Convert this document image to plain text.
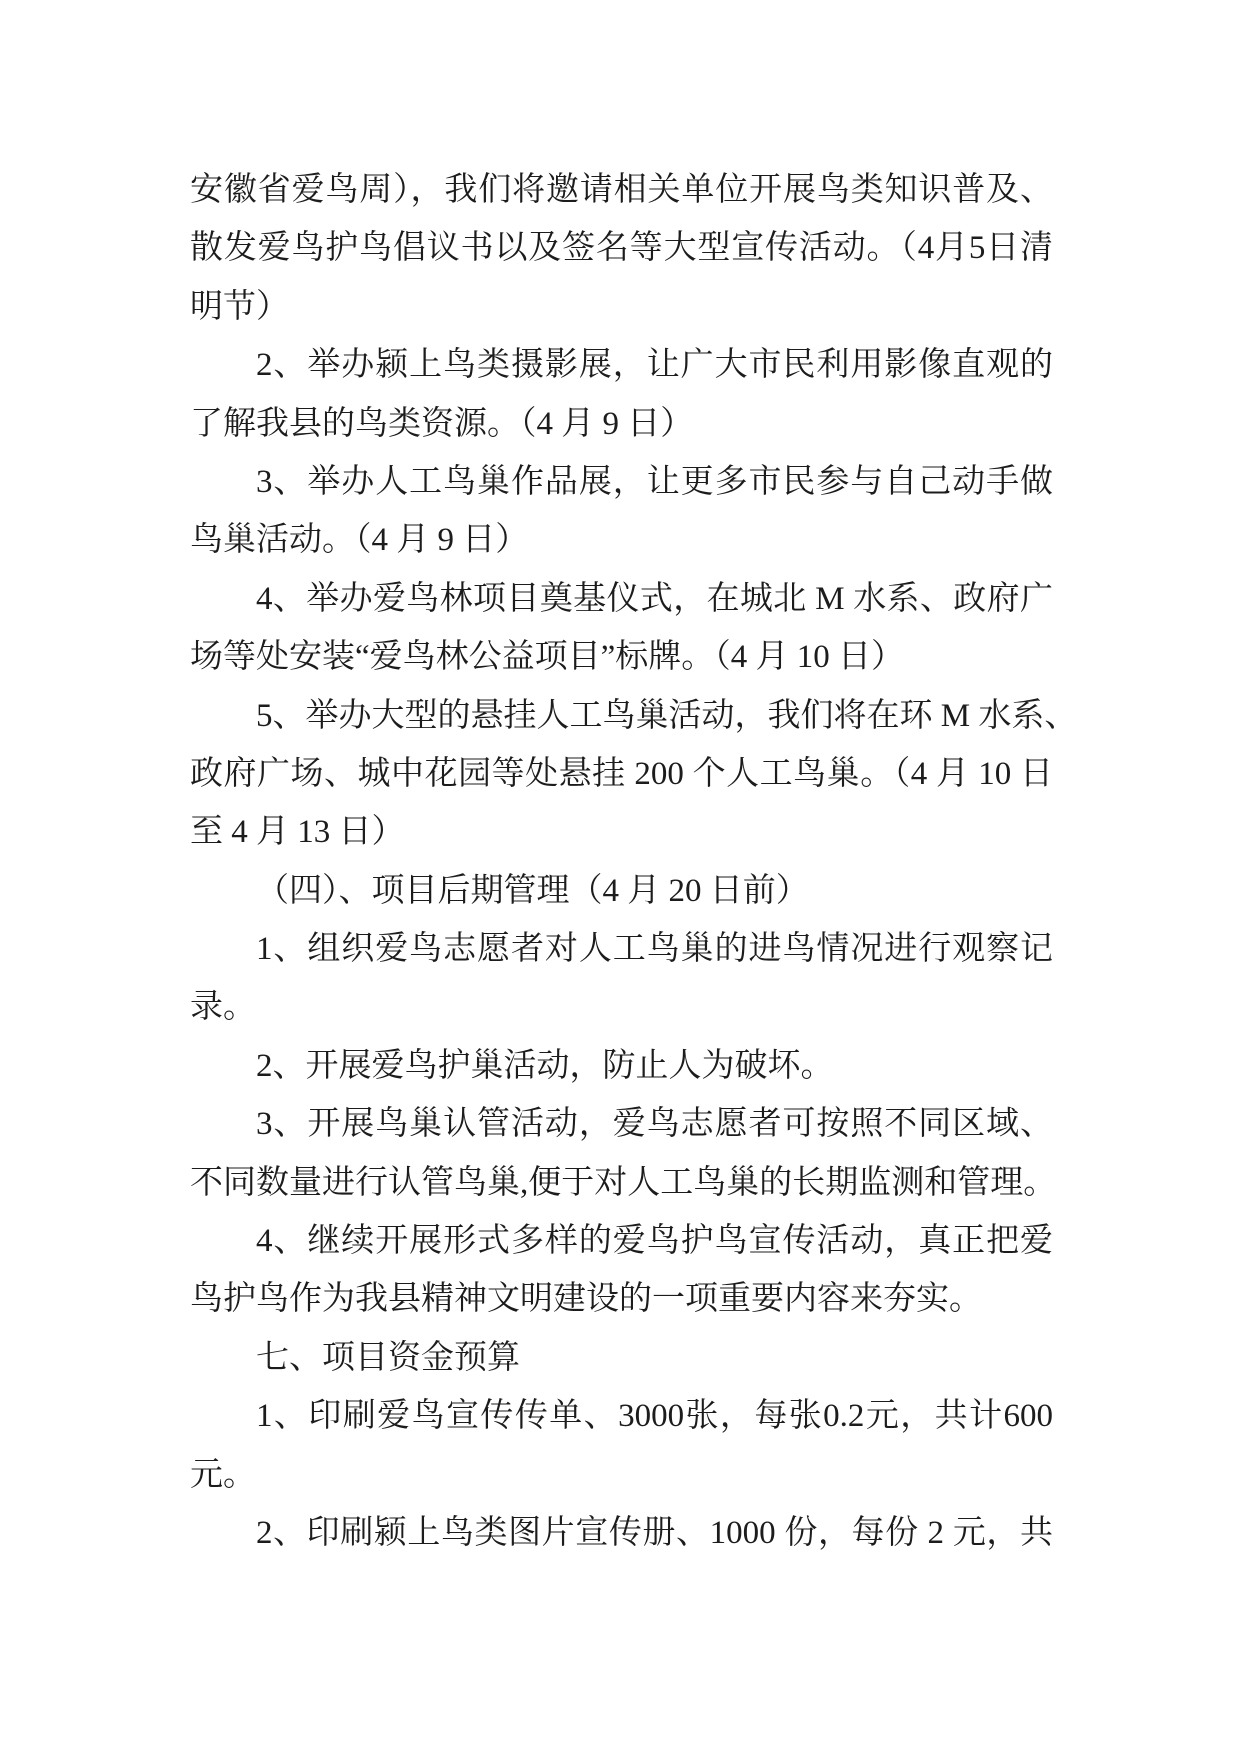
安徽省爱鸟周），我们将邀请相关单位开展鸟类知识普及、
散发爱鸟护鸟倡议书以及签名等大型宣传活动。（4月5日清
明节）
2、举办颍上鸟类摄影展，让广大市民利用影像直观的
了解我县的鸟类资源。（4 月 9 日）
3、举办人工鸟巢作品展，让更多市民参与自己动手做
鸟巢活动。（4 月 9 日）
4、举办爱鸟林项目奠基仪式，在城北 M 水系、政府广
场等处安装“爱鸟林公益项目”标牌。（4 月 10 日）
5、举办大型的悬挂人工鸟巢活动，我们将在环 M 水系、
政府广场、城中花园等处悬挂 200 个人工鸟巢。（4 月 10 日
至 4 月 13 日）
（四）、项目后期管理（4 月 20 日前）
1、组织爱鸟志愿者对人工鸟巢的进鸟情况进行观察记
录。
2、开展爱鸟护巢活动，防止人为破坏。
3、开展鸟巢认管活动，爱鸟志愿者可按照不同区域、
不同数量进行认管鸟巢,便于对人工鸟巢的长期监测和管理。
4、继续开展形式多样的爱鸟护鸟宣传活动，真正把爱
鸟护鸟作为我县精神文明建设的一项重要内容来夯实。
七、项目资金预算
1、印刷爱鸟宣传传单、3000张，每张0.2元，共计600
元。
2、印刷颍上鸟类图片宣传册、1000 份，每份 2 元，共
